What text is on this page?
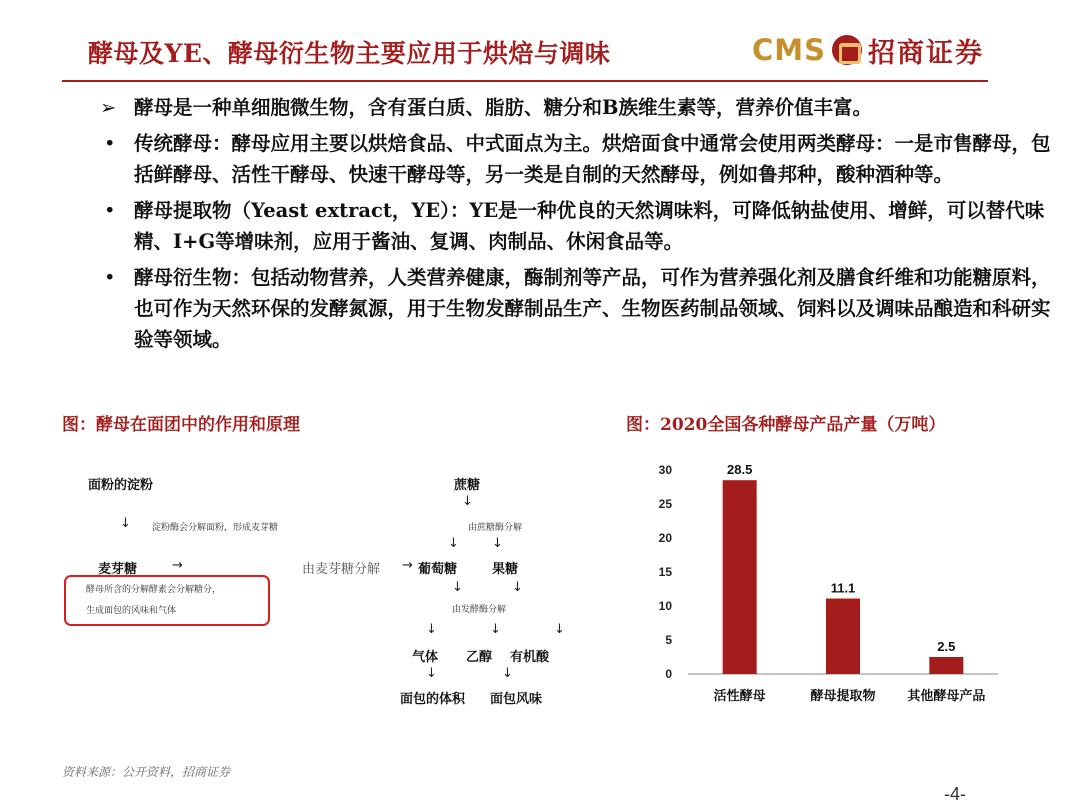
酵母及YE、酵母衍生物主要应用于烘焙与调味	CMS 招商证券
➢ 酵母是一种单细胞微生物，含有蛋白质、脂肪、糖分和B族维生素等，营养价值丰富。
• 传统酵母：酵母应用主要以烘焙食品、中式面点为主。烘焙面食中通常会使用两类酵母：一是市售酵母，包括鲜酵母、活性干酵母、快速干酵母等，另一类是自制的天然酵母，例如鲁邦种，酸种酒种等。
• 酵母提取物（Yeast extract，YE）：YE是一种优良的天然调味料，可降低钠盐使用、增鲜，可以替代味精、I+G等增味剂，应用于酱油、复调、肉制品、休闲食品等。
• 酵母衍生物：包括动物营养，人类营养健康，酶制剂等产品，可作为营养强化剂及膳食纤维和功能糖原料，也可作为天然环保的发酵氮源，用于生物发酵制品生产、生物医药制品领域、饲料以及调味品酿造和科研实验等领域。
图：酵母在面团中的作用和原理	图：2020全国各种酵母产品产量（万吨）
面粉的淀粉
↓ 淀粉酶会分解面粉，形成麦芽糖
麦芽糖	→
酵母所含的分解酵素会分解糖分，
生成面包的风味和气体
蔗糖
↓
由蔗糖酶分解
↓	↓
由麦芽糖分解 → 葡萄糖	果糖
↓	↓
由发酵酶分解
↓	↓	↓
气体 乙醇 有机酸
↓	↓
面包的体积 面包风味
0
5
10
15
20
25
30	28.5
活性酵母
11.1
酵母提取物
2.5
其他酵母产品
资料来源：公开资料，招商证券
-4-
